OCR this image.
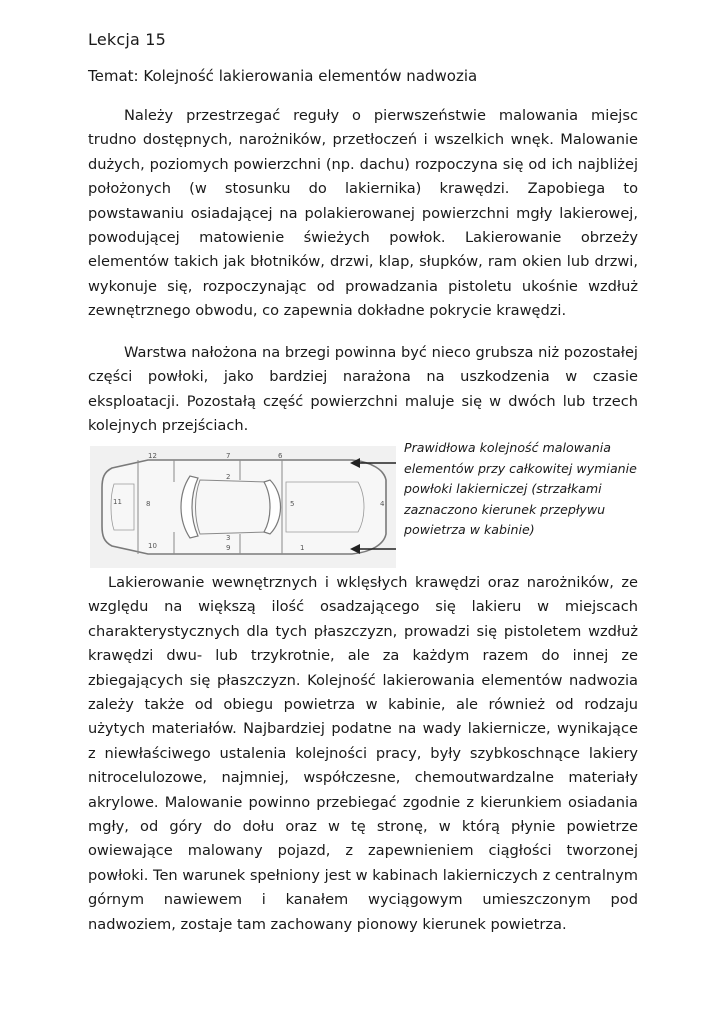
Lekcja 15
Temat: Kolejność lakierowania elementów nadwozia

Należy przestrzegać reguły o pierwszeństwie malowania miejsc trudno dostępnych, narożników, przetłoczeń i wszelkich wnęk. Malowanie dużych, poziomych powierzchni (np. dachu) rozpoczyna się od ich najbliżej położonych (w stosunku do lakiernika) krawędzi. Zapobiega to powstawaniu osiadającej na polakierowanej powierzchni mgły lakierowej, powodującej matowienie świeżych powłok. Lakierowanie obrzeży elementów takich jak błotników, drzwi, klap, słupków, ram okien lub drzwi, wykonuje się, rozpoczynając od prowadzania pistoletu ukośnie wzdłuż zewnętrznego obwodu, co zapewnia dokładne pokrycie krawędzi.

Warstwa nałożona na brzegi powinna być nieco grubsza niż pozostałej części powłoki, jako bardziej narażona na uszkodzenia w czasie eksploatacji. Pozostałą część powierzchni maluje się w dwóch lub trzech kolejnych przejściach.

12	7	6
2
11	8	5
3
10	9	1
4

Prawidłowa kolejność malowania elementów przy całkowitej wymianie powłoki lakierniczej (strzałkami zaznaczono kierunek przepływu powietrza w kabinie)

Lakierowanie wewnętrznych i wklęsłych krawędzi oraz narożników, ze względu na większą ilość osadzającego się lakieru w miejscach charakterystycznych dla tych płaszczyzn, prowadzi się pistoletem wzdłuż krawędzi dwu- lub trzykrotnie, ale za każdym razem do innej ze zbiegających się płaszczyzn. Kolejność lakierowania elementów nadwozia zależy także od obiegu powietrza w kabinie, ale również od rodzaju użytych materiałów. Najbardziej podatne na wady lakiernicze, wynikające z niewłaściwego ustalenia kolejności pracy, były szybkoschnące lakiery nitrocelulozowe, najmniej, współczesne, chemoutwardzalne materiały akrylowe. Malowanie powinno przebiegać zgodnie z kierunkiem osiadania mgły, od góry do dołu oraz w tę stronę, w którą płynie powietrze owiewające malowany pojazd, z zapewnieniem ciągłości tworzonej powłoki. Ten warunek spełniony jest w kabinach lakierniczych z centralnym górnym nawiewem i kanałem wyciągowym umieszczonym pod nadwoziem, zostaje tam zachowany pionowy kierunek powietrza.
